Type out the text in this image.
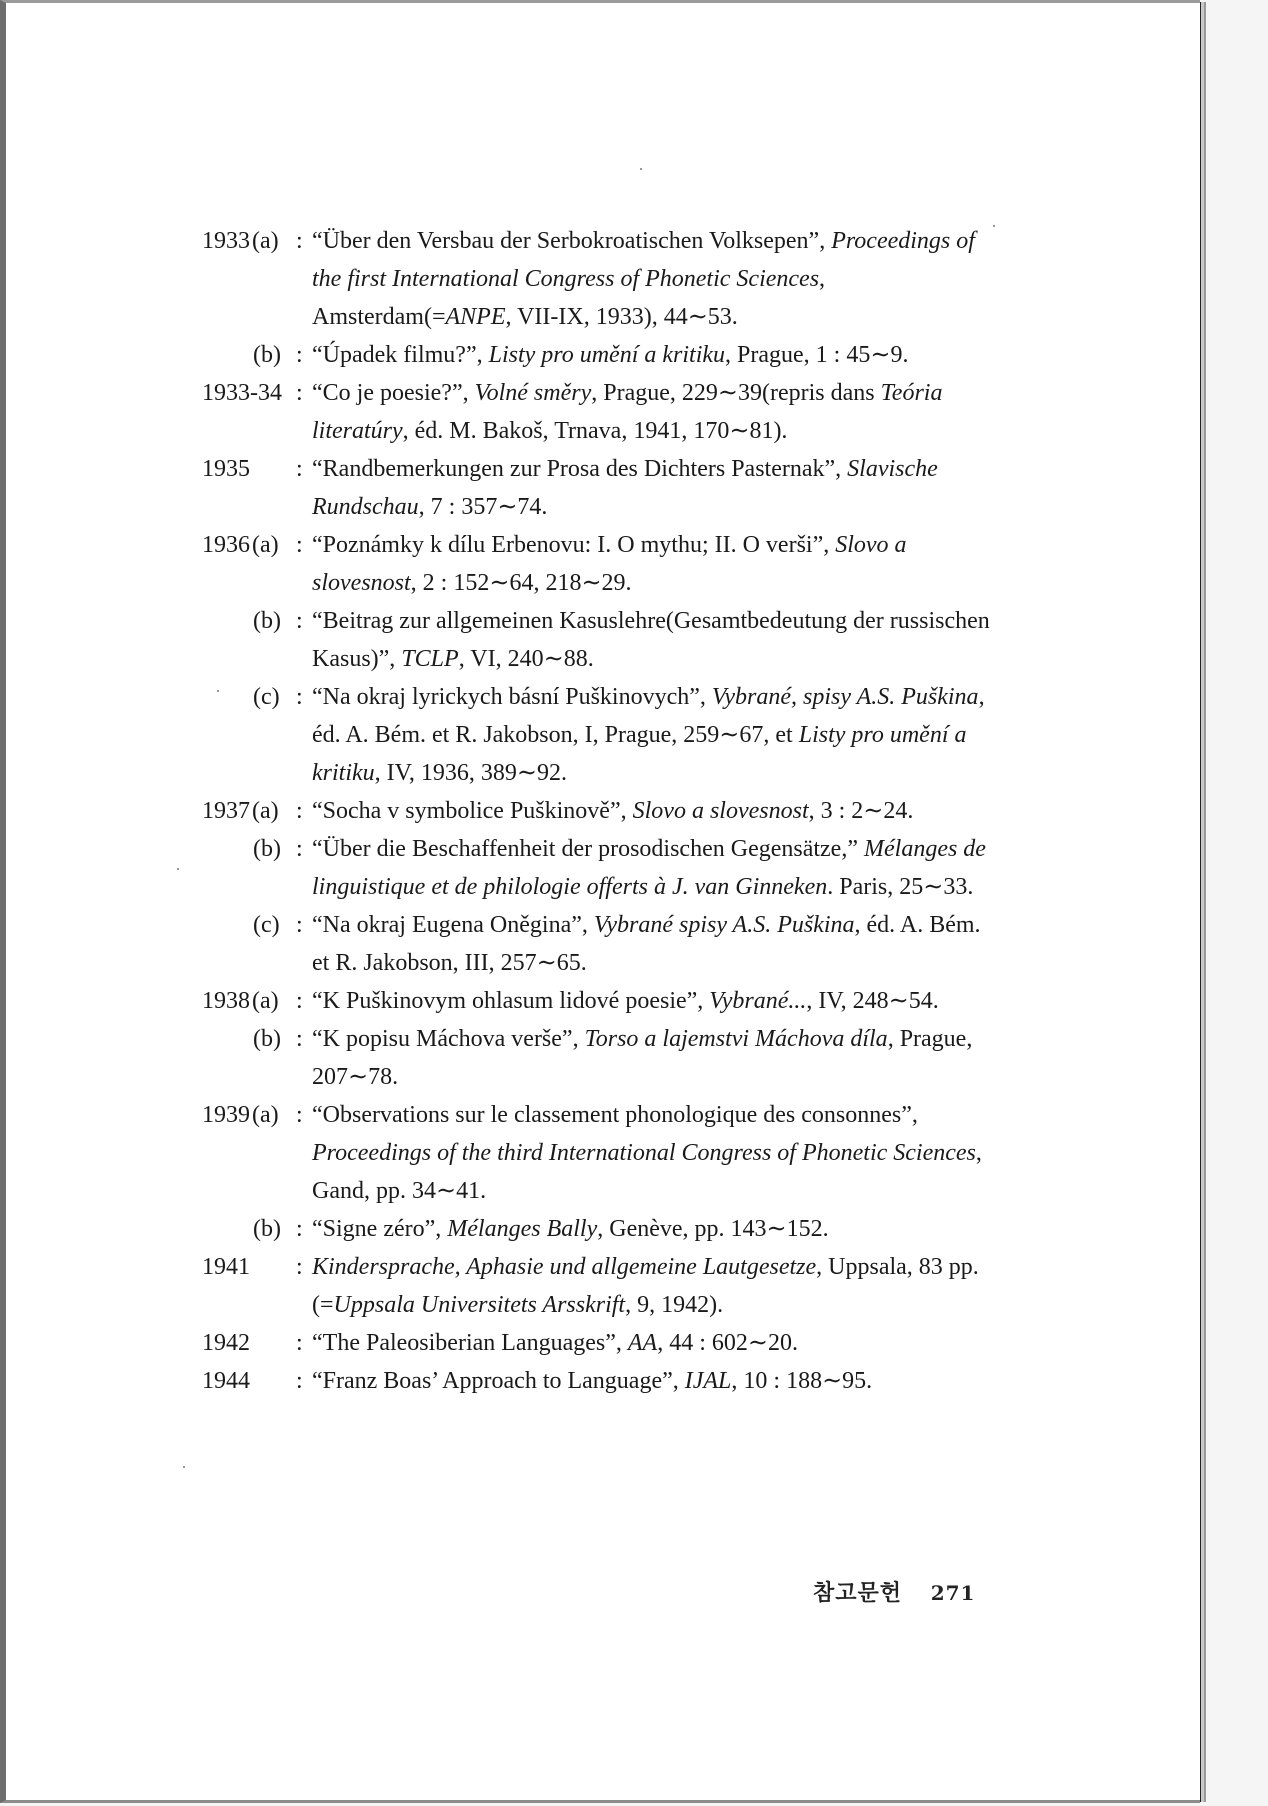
1933(a) : “Über den Versbau der Serbokroatischen Volksepen”, Proceedings of the first International Congress of Phonetic Sciences, Amsterdam(=ANPE, VII-IX, 1933), 44∼53.

(b) : “Úpadek filmu?”, Listy pro umění a kritiku, Prague, 1 : 45∼9.

1933-34 : “Co je poesie?”, Volné směry, Prague, 229∼39(repris dans Teória literatúry, éd. M. Bakoš, Trnava, 1941, 170∼81).

1935 : “Randbemerkungen zur Prosa des Dichters Pasternak”, Slavische Rundschau, 7 : 357∼74.

1936(a) : “Poznámky k dílu Erbenovu: I. O mythu; II. O verši”, Slovo a slovesnost, 2 : 152∼64, 218∼29.

(b) : “Beitrag zur allgemeinen Kasuslehre(Gesamtbedeutung der russischen Kasus)”, TCLP, VI, 240∼88.

(c) : “Na okraj lyrickych básní Puškinovych”, Vybrané, spisy A.S. Puškina, éd. A. Bém. et R. Jakobson, I, Prague, 259∼67, et Listy pro umění a kritiku, IV, 1936, 389∼92.

1937(a) : “Socha v symbolice Puškinově”, Slovo a slovesnost, 3 : 2∼24.

(b) : “Über die Beschaffenheit der prosodischen Gegensätze,” Mélanges de linguistique et de philologie offerts à J. van Ginneken. Paris, 25∼33.

(c) : “Na okraj Eugena Oněgina”, Vybrané spisy A.S. Puškina, éd. A. Bém. et R. Jakobson, III, 257∼65.

1938(a) : “K Puškinovym ohlasum lidové poesie”, Vybrané..., IV, 248∼54.

(b) : “K popisu Máchova verše”, Torso a lajemstvi Máchova díla, Prague, 207∼78.

1939(a) : “Observations sur le classement phonologique des consonnes”, Proceedings of the third International Congress of Phonetic Sciences, Gand, pp. 34∼41.

(b) : “Signe zéro”, Mélanges Bally, Genève, pp. 143∼152.

1941 : Kindersprache, Aphasie und allgemeine Lautgesetze, Uppsala, 83 pp. (=Uppsala Universitets Arsskrift, 9, 1942).

1942 : “The Paleosiberian Languages”, AA, 44 : 602∼20.

1944 : “Franz Boas’ Approach to Language”, IJAL, 10 : 188∼95.

참고문헌 271
